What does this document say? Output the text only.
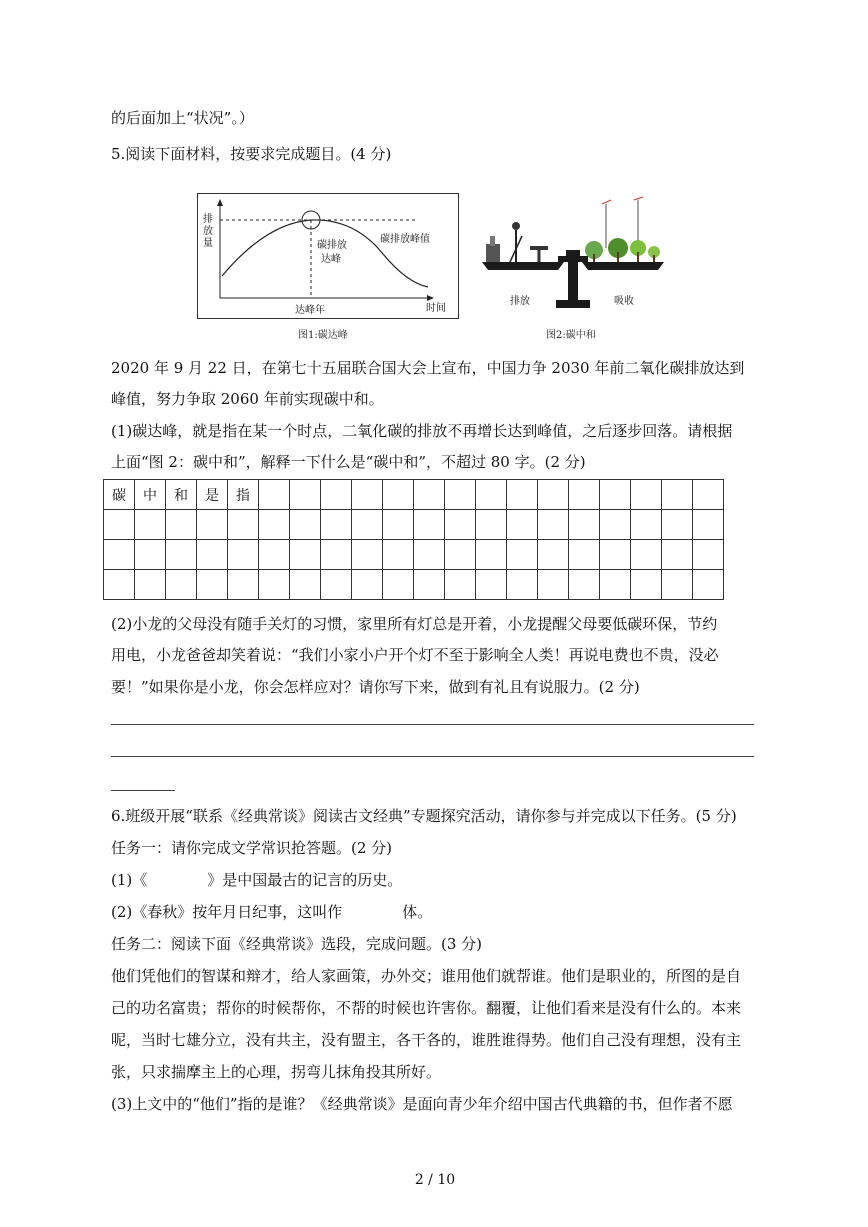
的后面加上“状况”。）
5.阅读下面材料，按要求完成题目。(4 分)
排放量	碳排放峰值
碳排放
达峰
达峰年	时间
图1:碳达峰
排放	吸收
图2:碳中和
2020 年 9 月 22 日，在第七十五届联合国大会上宣布，中国力争 2030 年前二氧化碳排放达到
峰值，努力争取 2060 年前实现碳中和。
(1)碳达峰，就是指在某一个时点，二氧化碳的排放不再增长达到峰值，之后逐步回落。请根据
上面“图 2：碳中和”，解释一下什么是“碳中和”，不超过 80 字。(2 分)
碳	中	和	是	指															

(2)小龙的父母没有随手关灯的习惯，家里所有灯总是开着，小龙提醒父母要低碳环保，节约
用电，小龙爸爸却笑着说：“我们小家小户开个灯不至于影响全人类！再说电费也不贵，没必
要！”如果你是小龙，你会怎样应对？请你写下来，做到有礼且有说服力。(2 分)
6.班级开展“联系《经典常谈》阅读古文经典”专题探究活动，请你参与并完成以下任务。(5 分)
任务一：请你完成文学常识抢答题。(2 分)
(1)《　　　　》是中国最古的记言的历史。
(2)《春秋》按年月日纪事，这叫作　　　　体。
任务二：阅读下面《经典常谈》选段，完成问题。(3 分)
他们凭他们的智谋和辩才，给人家画策，办外交；谁用他们就帮谁。他们是职业的，所图的是自
己的功名富贵；帮你的时候帮你，不帮的时候也许害你。翻覆，让他们看来是没有什么的。本来
呢，当时七雄分立，没有共主，没有盟主，各干各的，谁胜谁得势。他们自己没有理想，没有主
张，只求揣摩主上的心理，拐弯儿抹角投其所好。
(3)上文中的“他们”指的是谁？《经典常谈》是面向青少年介绍中国古代典籍的书，但作者不愿
2 / 10
